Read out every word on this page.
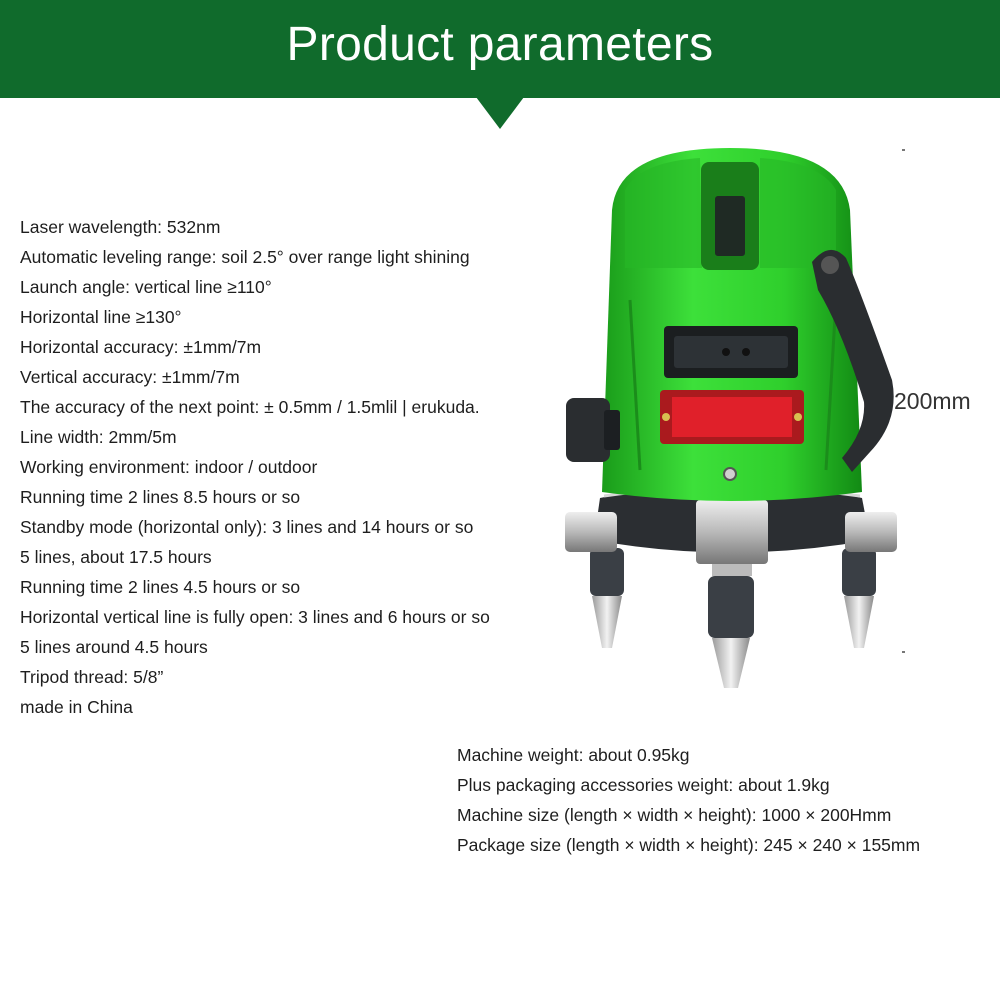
Product parameters
Laser wavelength: 532nm
Automatic leveling range: soil 2.5° over range light shining
Launch angle: vertical line ≥110°
Horizontal line ≥130°
Horizontal accuracy: ±1mm/7m
Vertical accuracy: ±1mm/7m
The accuracy of the next point: ± 0.5mm / 1.5mlil | erukuda.
Line width: 2mm/5m
Working environment: indoor / outdoor
Running time 2 lines 8.5 hours or so
Standby mode (horizontal only): 3 lines and 14 hours or so
5 lines, about 17.5 hours
Running time 2 lines 4.5 hours or so
Horizontal vertical line is fully open: 3 lines and 6 hours or so
5 lines around 4.5 hours
Tripod thread: 5/8”
made in China
Machine weight: about 0.95kg
Plus packaging accessories weight: about 1.9kg
Machine size (length × width × height): 1000 × 200Hmm
Package size (length × width × height): 245 × 240 × 155mm
200mm
